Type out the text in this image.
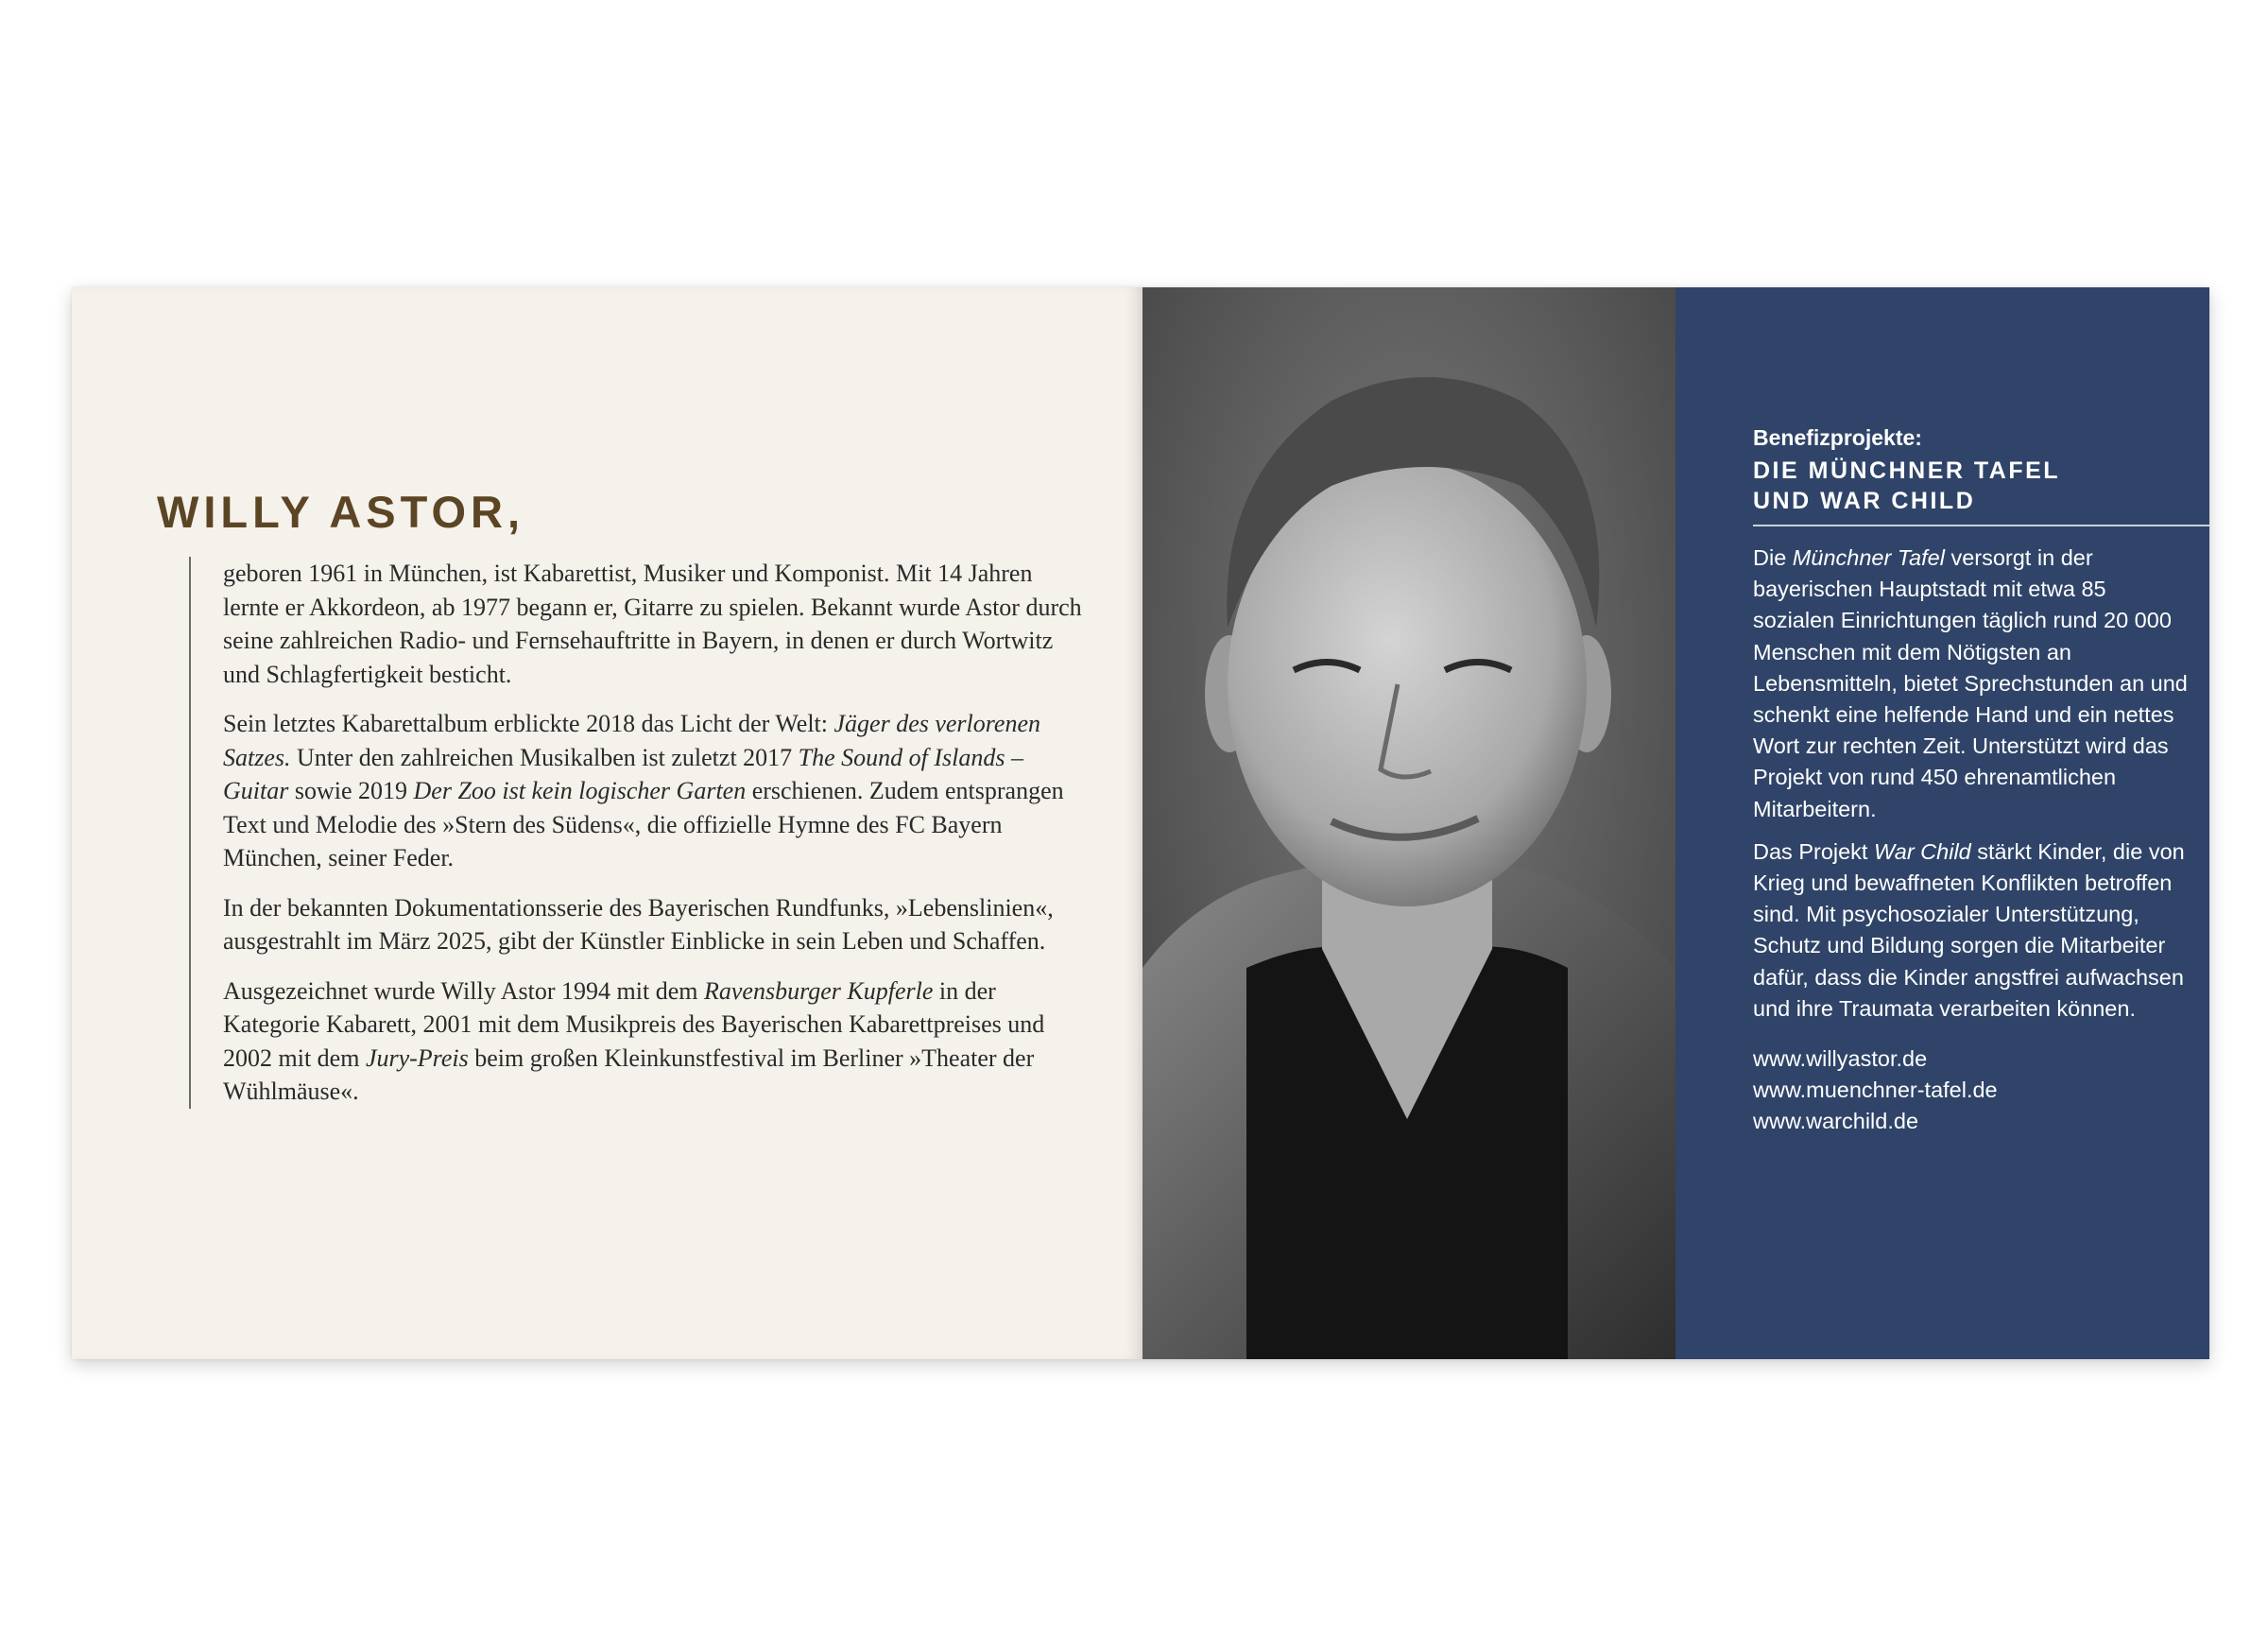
WILLY ASTOR,

geboren 1961 in München, ist Kabarettist, Musiker und Komponist. Mit 14 Jahren lernte er Akkordeon, ab 1977 begann er, Gitarre zu spielen. Bekannt wurde Astor durch seine zahlreichen Radio- und Fernsehauftritte in Bayern, in denen er durch Wortwitz und Schlagfertigkeit besticht.

Sein letztes Kabarettalbum erblickte 2018 das Licht der Welt: Jäger des verlorenen Satzes. Unter den zahlreichen Musikalben ist zuletzt 2017 The Sound of Islands – Guitar sowie 2019 Der Zoo ist kein logischer Garten erschienen. Zudem entsprangen Text und Melodie des »Stern des Südens«, die offizielle Hymne des FC Bayern München, seiner Feder.

In der bekannten Dokumentationsserie des Bayerischen Rundfunks, »Lebenslinien«, ausgestrahlt im März 2025, gibt der Künstler Einblicke in sein Leben und Schaffen.

Ausgezeichnet wurde Willy Astor 1994 mit dem Ravensburger Kupferle in der Kategorie Kabarett, 2001 mit dem Musikpreis des Bayerischen Kabarettpreises und 2002 mit dem Jury-Preis beim großen Kleinkunstfestival im Berliner »Theater der Wühlmäuse«.

Benefizprojekte:
DIE MÜNCHNER TAFEL
UND WAR CHILD

Die Münchner Tafel versorgt in der bayerischen Hauptstadt mit etwa 85 sozialen Einrichtungen täglich rund 20 000 Menschen mit dem Nötigsten an Lebensmitteln, bietet Sprechstunden an und schenkt eine helfende Hand und ein nettes Wort zur rechten Zeit. Unterstützt wird das Projekt von rund 450 ehrenamtlichen Mitarbeitern.

Das Projekt War Child stärkt Kinder, die von Krieg und bewaffneten Konflikten betroffen sind. Mit psychosozialer Unterstützung, Schutz und Bildung sorgen die Mitarbeiter dafür, dass die Kinder angstfrei aufwachsen und ihre Traumata verarbeiten können.

www.willyastor.de
www.muenchner-tafel.de
www.warchild.de
